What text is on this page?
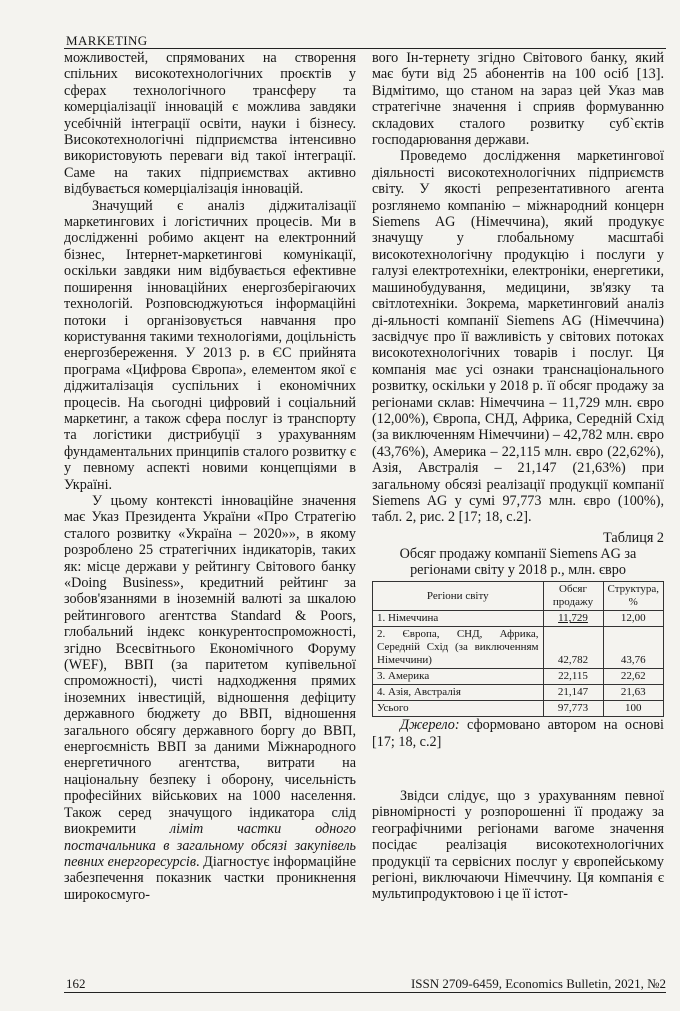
MARKETING

можливостей, спрямованих на створення спільних високотехнологічних проєктів у сферах технологічного трансферу та комерціалізації інновацій є можлива завдяки усебічній інтеграції освіти, науки і бізнесу. Високотехнологічні підприємства інтенсивно використовують переваги від такої інтеграції. Саме на таких підприємствах активно відбувається комерціалізація інновацій.

Значущий є аналіз діджиталізації маркетингових і логістичних процесів. Ми в дослідженні робимо акцент на електронний бізнес, Інтернет-маркетингові комунікації, оскільки завдяки ним відбувається ефективне поширення інноваційних енергозберігаючих технологій. Розповсюджуються інформаційні потоки і організовується навчання про користування такими технологіями, доцільність енергозбереження. У 2013 р. в ЄС прийнята програма «Цифрова Європа», елементом якої є діджиталізація суспільних і економічних процесів. На сьогодні цифровий і соціальний маркетинг, а також сфера послуг із транспорту та логістики дистрибуції з урахуванням фундаментальних принципів сталого розвитку є у певному аспекті новими концепціями в Україні.

У цьому контексті інноваційне значення має Указ Президента України «Про Стратегію сталого розвитку «Україна – 2020»», в якому розроблено 25 стратегічних індикаторів, таких як: місце держави у рейтингу Світового банку «Doing Business», кредитний рейтинг за зобов'язаннями в іноземній валюті за шкалою рейтингового агентства Standard & Poors, глобальний індекс конкурентоспроможності, згідно Всесвітнього Економічного Форуму (WEF), ВВП (за паритетом купівельної спроможності), чисті надходження прямих іноземних інвестицій, відношення дефіциту державного бюджету до ВВП, відношення загального обсягу державного боргу до ВВП, енергоємність ВВП за даними Міжнародного енергетичного агентства, витрати на національну безпеку і оборону, чисельність професійних військових на 1000 населення. Також серед значущого індикатора слід виокремити ліміт частки одного постачальника в загальному обсязі закупівель певних енергоресурсів. Діагностує інформаційне забезпечення показник частки проникнення широкосмуго-

вого Ін-тернету згідно Світового банку, який має бути від 25 абонентів на 100 осіб [13]. Відмітимо, що станом на зараз цей Указ мав стратегічне значення і сприяв формуванню складових сталого розвитку суб`єктів господарювання держави.

Проведемо дослідження маркетингової діяльності високотехнологічних підприємств світу. У якості репрезентативного агента розглянемо компанію – міжнародний концерн Siemens AG (Німеччина), який продукує значущу у глобальному масштабі високотехнологічну продукцію і послуги у галузі електротехніки, електроніки, енергетики, машинобудування, медицини, зв'язку та світлотехніки. Зокрема, маркетинговий аналіз ді-яльності компанії Siemens AG (Німеччина) засвідчує про її важливість у світових потоках високотехнологічних товарів і послуг. Ця компанія має усі ознаки транснаціонального розвитку, оскільки у 2018 р. її обсяг продажу за регіонами склав: Німеччина – 11,729 млн. євро (12,00%), Європа, СНД, Африка, Середній Схід (за виключенням Німеччини) – 42,782 млн. євро (43,76%), Америка – 22,115 млн. євро (22,62%), Азія, Австралія – 21,147 (21,63%) при загальному обсязі реалізації продукції компанії Siemens AG у сумі 97,773 млн. євро (100%), табл. 2, рис. 2 [17; 18, с.2].

Таблиця 2
Обсяг продажу компанії Siemens AG за регіонами світу у 2018 р., млн. євро
Регіони світу	Обсяг продажу	Структура, %
1. Німеччина	11,729	12,00
2. Європа, СНД, Африка, Середній Схід (за виключенням Німеччини)	42,782	43,76
3. Америка	22,115	22,62
4. Азія, Австралія	21,147	21,63
Усього	97,773	100

Джерело: сформовано автором на основі [17; 18, с.2]

Звідси слідує, що з урахуванням певної рівномірності у розпорошенні її продажу за географічними регіонами вагоме значення посідає реалізація високотехнологічних продукції та сервісних послуг у європейському регіоні, виключаючи Німеччину. Ця компанія є мультипродуктовою і це її істот-

162	ISSN 2709-6459, Economics Bulletin, 2021, №2
